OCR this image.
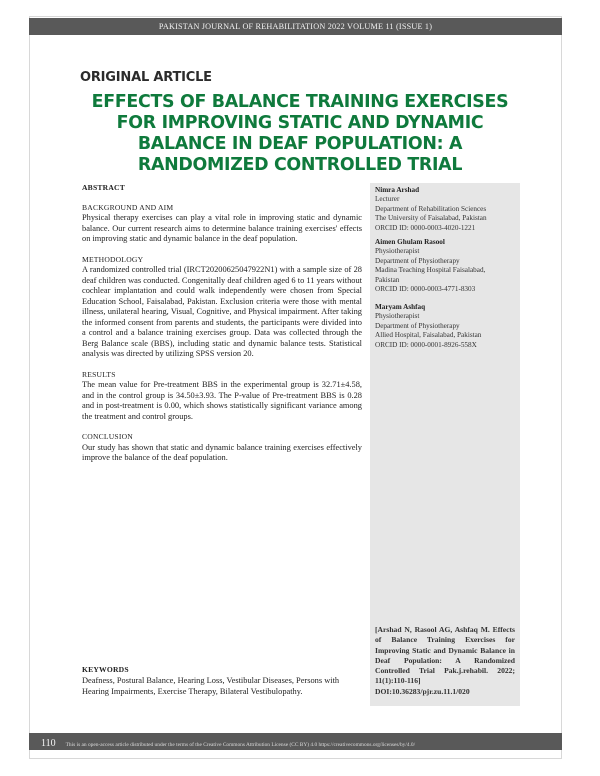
PAKISTAN JOURNAL OF REHABILITATION 2022 VOLUME 11 (ISSUE 1)
ORIGINAL ARTICLE
EFFECTS OF BALANCE TRAINING EXERCISES
FOR IMPROVING STATIC AND DYNAMIC
BALANCE IN DEAF POPULATION: A
RANDOMIZED CONTROLLED TRIAL
ABSTRACT
BACKGROUND AND AIM

Physical therapy exercises can play a vital role in improving static and dynamic balance. Our current research aims to determine balance training exercises' effects on improving static and dynamic balance in the deaf population.

METHODOLOGY

A randomized controlled trial (IRCT20200625047922N1) with a sample size of 28 deaf children was conducted. Congenitally deaf children aged 6 to 11 years without cochlear implantation and could walk independently were chosen from Special Education School, Faisalabad, Pakistan. Exclusion criteria were those with mental illness, unilateral hearing, Visual, Cognitive, and Physical impairment. After taking the informed consent from parents and students, the participants were divided into a control and a balance training exercises group. Data was collected through the Berg Balance scale (BBS), including static and dynamic balance tests. Statistical analysis was directed by utilizing SPSS version 20.

RESULTS

The mean value for Pre-treatment BBS in the experimental group is 32.71±4.58, and in the control group is 34.50±3.93. The P-value of Pre-treatment BBS is 0.28 and in post-treatment is 0.00, which shows statistically significant variance among the treatment and control groups.

CONCLUSION

Our study has shown that static and dynamic balance training exercises effectively improve the balance of the deaf population.

KEYWORDS
Deafness, Postural Balance, Hearing Loss, Vestibular Diseases, Persons with Hearing Impairments, Exercise Therapy, Bilateral Vestibulopathy.
Nimra Arshad
Lecturer
Department of Rehabilitation Sciences
The University of Faisalabad, Pakistan
ORCID ID: 0000-0003-4020-1221
Aimen Ghulam Rasool
Physiotherapist
Department of Physiotherapy
Madina Teaching Hospital Faisalabad,
Pakistan
ORCID ID: 0000-0003-4771-8303
Maryam Ashfaq
Physiotherapist
Department of Physiotherapy
Allied Hospital, Faisalabad, Pakistan
ORCID ID: 0000-0001-8926-558X
[Arshad N, Rasool AG, Ashfaq M. Effects of Balance Training Exercises for Improving Static and Dynamic Balance in Deaf Population: A Randomized Controlled Trial Pak.j.rehabil. 2022; 11(1):110-116] DOI:10.36283/pjr.zu.11.1/020
110 This is an open-access article distributed under the terms of the Creative Commons Attribution License (CC BY) 4.0 https://creativecommons.org/licenses/by/4.0/
